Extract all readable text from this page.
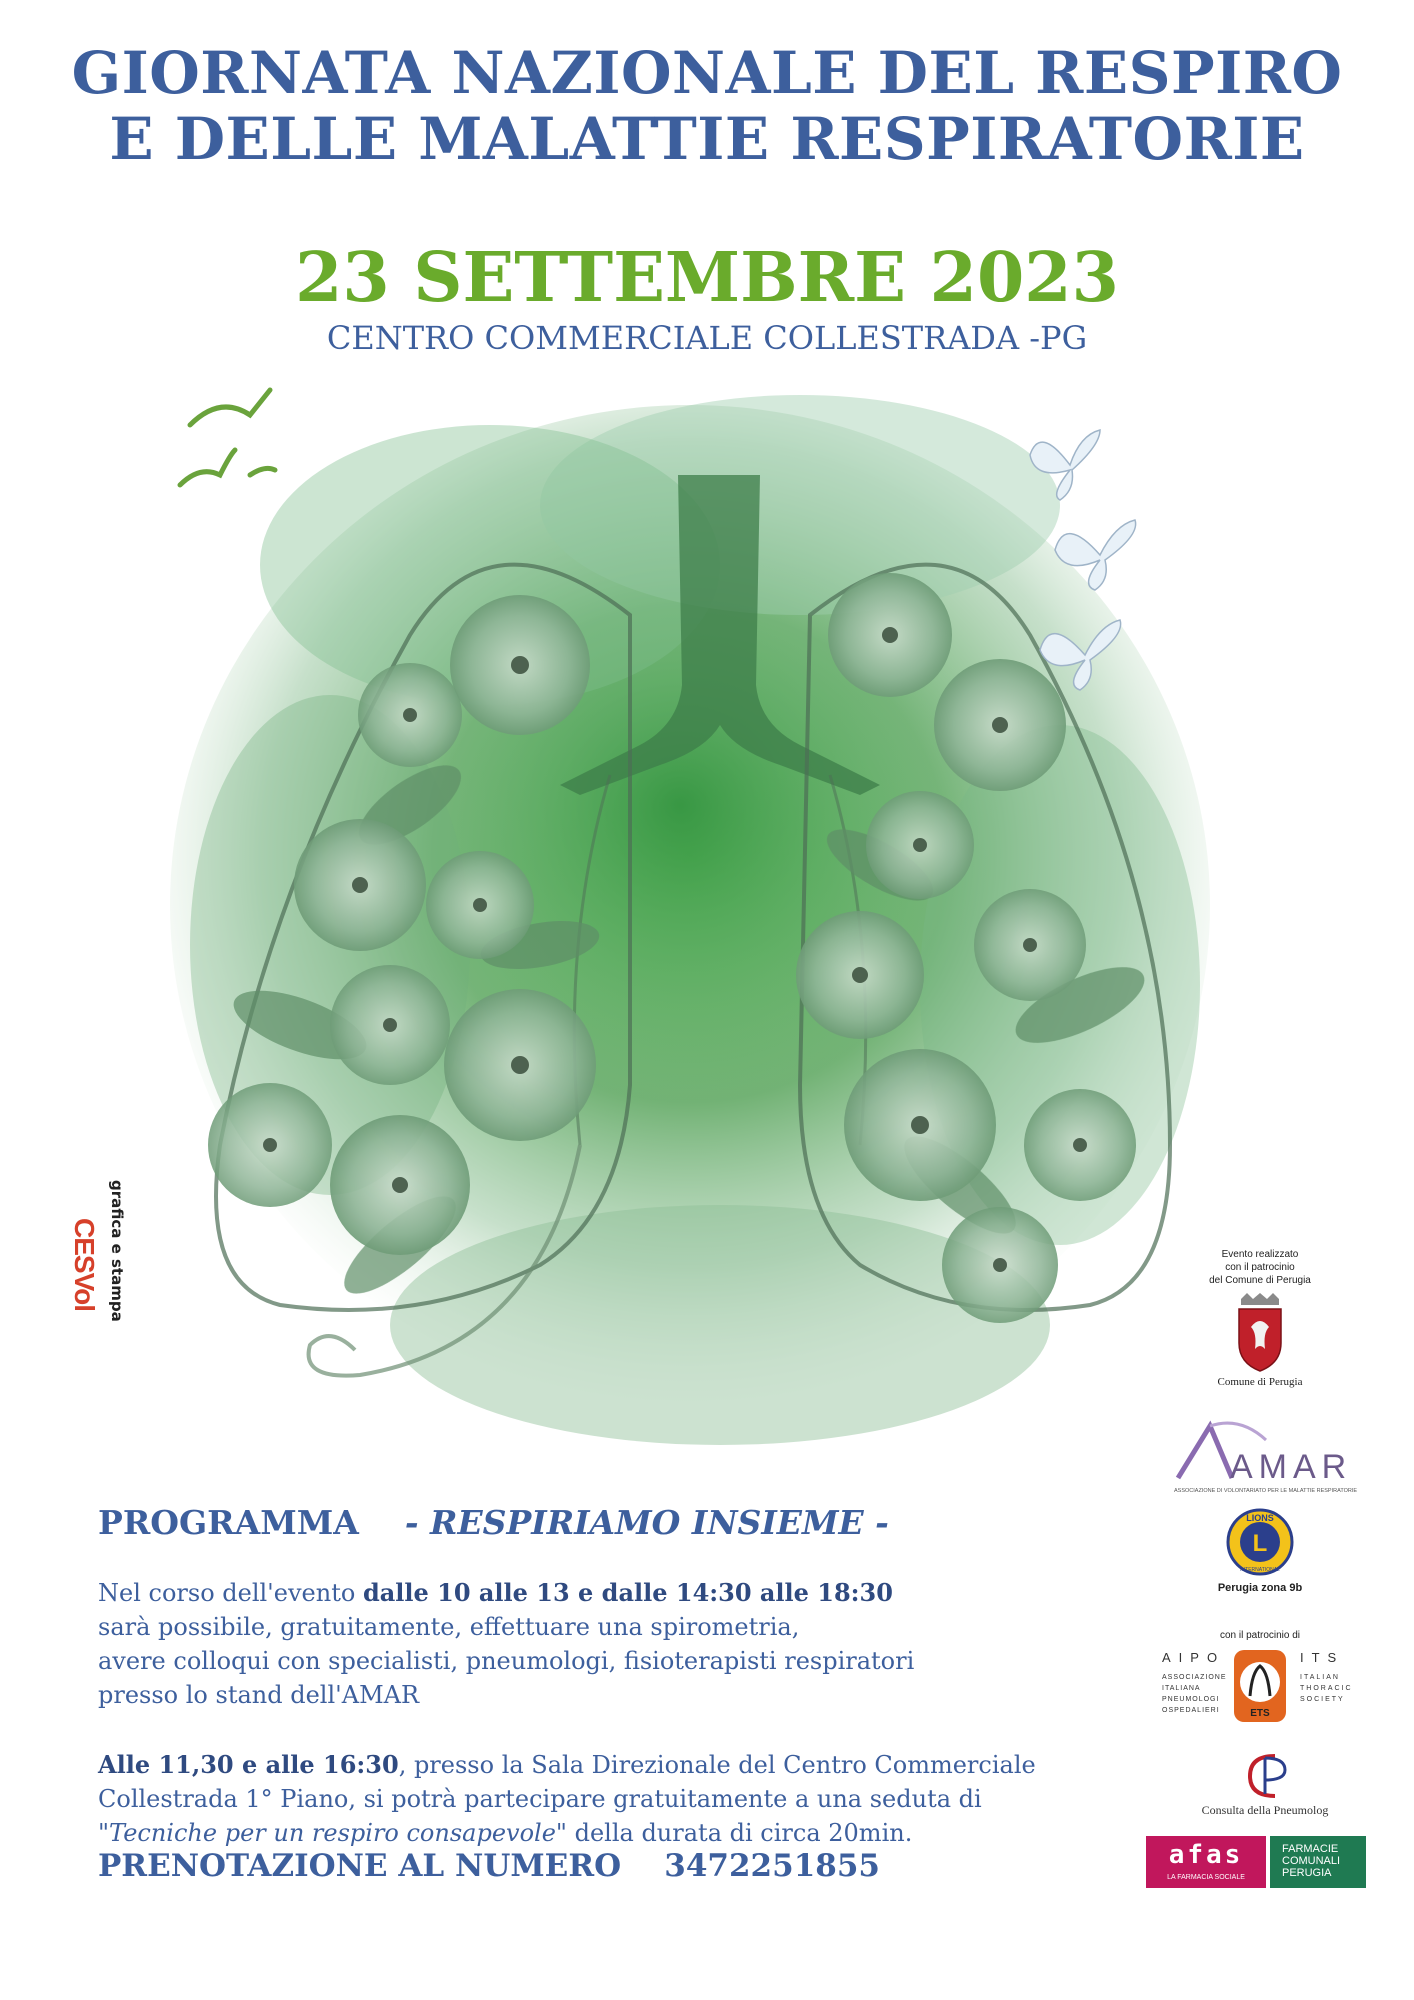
GIORNATA NAZIONALE DEL RESPIRO
E DELLE MALATTIE RESPIRATORIE
23 SETTEMBRE 2023
CENTRO COMMERCIALE COLLESTRADA -PG
grafica e stampa
CESVol
PROGRAMMA - RESPIRIAMO INSIEME -
Nel corso dell'evento dalle 10 alle 13 e dalle 14:30 alle 18:30
sarà possibile, gratuitamente, effettuare una spirometria,
avere colloqui con specialisti, pneumologi, fisioterapisti respiratori
presso lo stand dell'AMAR
Alle 11,30 e alle 16:30, presso la Sala Direzionale del Centro Commerciale
Collestrada 1° Piano, si potrà partecipare gratuitamente a una seduta di
"Tecniche per un respiro consapevole" della durata di circa 20min.
PRENOTAZIONE AL NUMERO 3472251855
Evento realizzato
con il patrocinio
del Comune di Perugia
Comune di Perugia
AMAR
ASSOCIAZIONE DI VOLONTARIATO PER LE MALATTIE RESPIRATORIE
LIONS
L
INTERNATIONAL
Perugia zona 9b
con il patrocinio di
AIPO
ASSOCIAZIONE
ITALIANA
PNEUMOLOGI
OSPEDALIERI	ETS
ITS
ITALIAN
THORACIC
SOCIETY
Consulta della Pneumolog
afas
LA FARMACIA SOCIALE
FARMACIE
COMUNALI
PERUGIA
